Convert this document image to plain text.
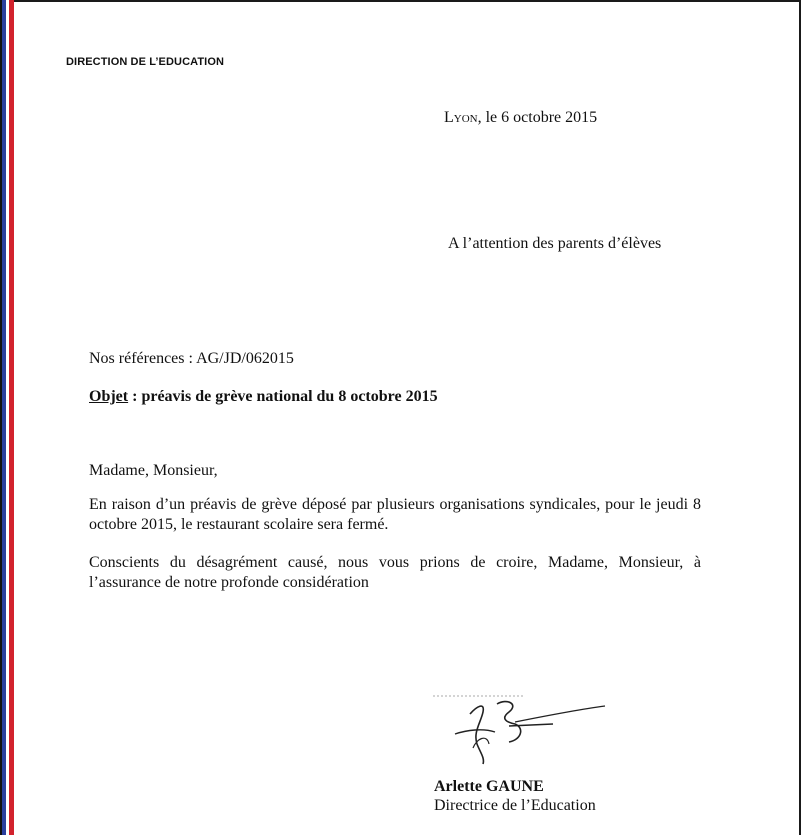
DIRECTION DE L’EDUCATION
Lyon, le 6 octobre 2015
A l’attention des parents d’élèves
Nos références : AG/JD/062015
Objet : préavis de grève national du 8 octobre 2015
Madame, Monsieur,
En raison d’un préavis de grève déposé par plusieurs organisations syndicales, pour le jeudi 8
octobre 2015, le restaurant scolaire sera fermé.
Conscients du désagrément causé, nous vous prions de croire, Madame, Monsieur, à
l’assurance de notre profonde considération
Arlette GAUNE
Directrice de l’Education
